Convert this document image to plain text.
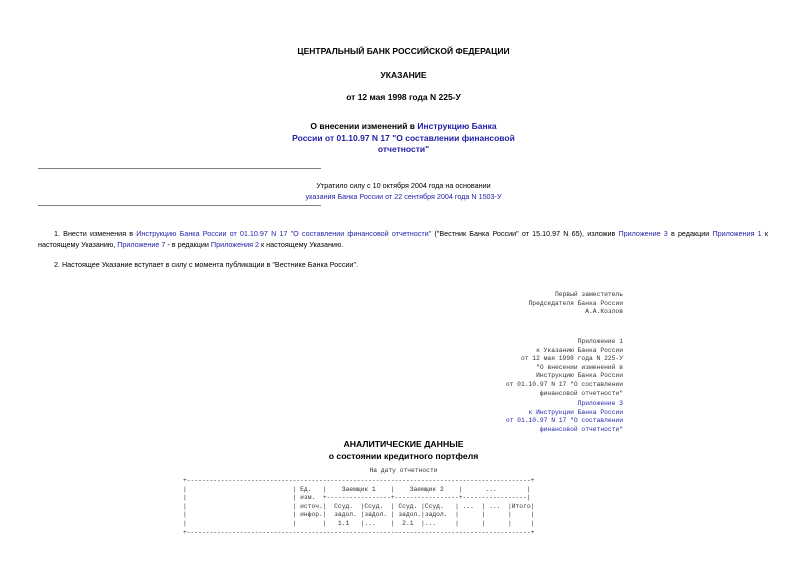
ЦЕНТРАЛЬНЫЙ БАНК РОССИЙСКОЙ ФЕДЕРАЦИИ
УКАЗАНИЕ
от 12 мая 1998 года N 225-У
О внесении изменений в Инструкцию Банка
России от 01.10.97 N 17 "О составлении финансовой
отчетности"
Утратило силу с 10 октября 2004 года на основании
указания Банка России от 22 сентября 2004 года N 1503-У
1. Внести изменения в Инструкцию Банка России от 01.10.97 N 17 "О составлении финансовой отчетности" ("Вестник Банка России" от 15.10.97 N 65), изложив Приложение 3 в редакции Приложения 1 к настоящему Указанию, Приложение 7 - в редакции Приложения 2 к настоящему Указанию.
2. Настоящее Указание вступает в силу с момента публикации в "Вестнике Банка России".
Первый заместитель
Председателя Банка России
А.А.Козлов
Приложение 1
к Указанию Банка России
от 12 мая 1998 года N 225-У
"О внесении изменений в
Инструкцию Банка России
от 01.10.97 N 17 "О составлении
финансовой отчетности"
Приложение 3
к Инструкции Банка России
от 01.10.97 N 17 "О составлении
финансовой отчетности"
АНАЛИТИЧЕСКИЕ ДАННЫЕ
о состоянии кредитного портфеля
На дату отчетности
+-------------------------------------------------------------------------------------------+
|                            | Ед.   |    Заемщик 1    |    Заемщик 2    |      ...        |
|                            | изм.  +-----------------+-----------------+-----------------|
|                            | источ.|  Ссуд.  |Ссуд.  | Ссуд. |Ссуд.   | ...  | ...  |Итого|
|                            | инфор.|  задол. |задол. | задол.|задол.  |      |      |     |
|                            |       |   1.1   |...    |  2.1  |...     |      |      |     |
+-------------------------------------------------------------------------------------------+
